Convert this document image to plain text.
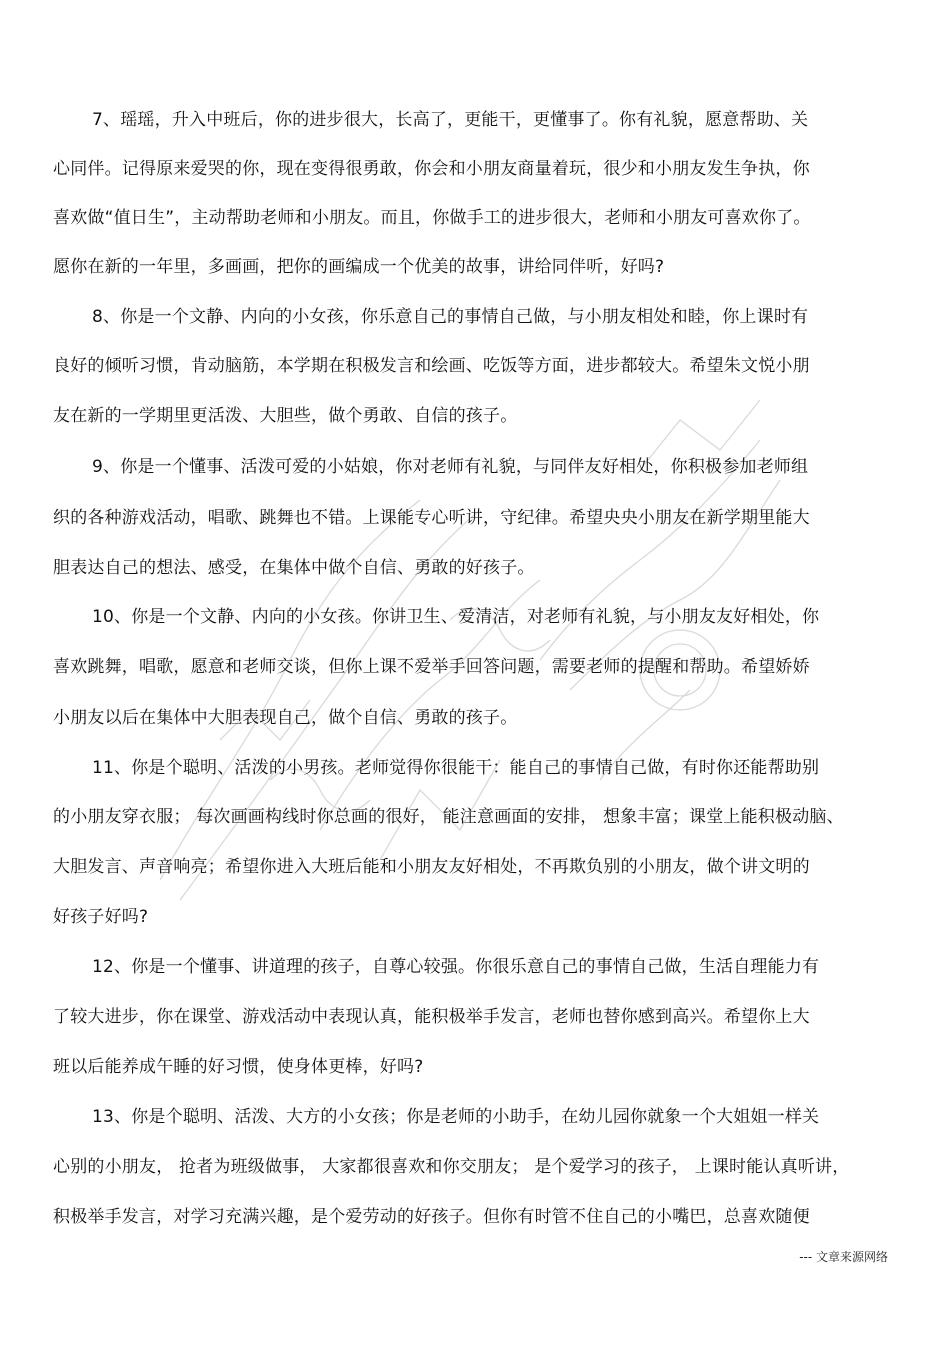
7、瑶瑶，升入中班后，你的进步很大，长高了，更能干，更懂事了。你有礼貌，愿意帮助、关
心同伴。记得原来爱哭的你，现在变得很勇敢，你会和小朋友商量着玩，很少和小朋友发生争执，你
喜欢做“值日生”，主动帮助老师和小朋友。而且，你做手工的进步很大，老师和小朋友可喜欢你了。
愿你在新的一年里，多画画，把你的画编成一个优美的故事，讲给同伴听，好吗?
8、你是一个文静、内向的小女孩，你乐意自己的事情自己做，与小朋友相处和睦，你上课时有
良好的倾听习惯，肯动脑筋，本学期在积极发言和绘画、吃饭等方面，进步都较大。希望朱文悦小朋
友在新的一学期里更活泼、大胆些，做个勇敢、自信的孩子。
9、你是一个懂事、活泼可爱的小姑娘，你对老师有礼貌，与同伴友好相处，你积极参加老师组
织的各种游戏活动，唱歌、跳舞也不错。上课能专心听讲，守纪律。希望央央小朋友在新学期里能大
胆表达自己的想法、感受，在集体中做个自信、勇敢的好孩子。
10、你是一个文静、内向的小女孩。你讲卫生、爱清洁，对老师有礼貌，与小朋友友好相处，你
喜欢跳舞，唱歌，愿意和老师交谈，但你上课不爱举手回答问题，需要老师的提醒和帮助。希望娇娇
小朋友以后在集体中大胆表现自己，做个自信、勇敢的孩子。
11、你是个聪明、活泼的小男孩。老师觉得你很能干：能自己的事情自己做，有时你还能帮助别
的小朋友穿衣服； 每次画画构线时你总画的很好， 能注意画面的安排， 想象丰富；课堂上能积极动脑、
大胆发言、声音响亮；希望你进入大班后能和小朋友友好相处，不再欺负别的小朋友，做个讲文明的
好孩子好吗?
12、你是一个懂事、讲道理的孩子，自尊心较强。你很乐意自己的事情自己做，生活自理能力有
了较大进步，你在课堂、游戏活动中表现认真，能积极举手发言，老师也替你感到高兴。希望你上大
班以后能养成午睡的好习惯，使身体更棒，好吗?
13、你是个聪明、活泼、大方的小女孩；你是老师的小助手，在幼儿园你就象一个大姐姐一样关
心别的小朋友， 抢者为班级做事， 大家都很喜欢和你交朋友； 是个爱学习的孩子， 上课时能认真听讲，
积极举手发言，对学习充满兴趣，是个爱劳动的好孩子。但你有时管不住自己的小嘴巴，总喜欢随便
--- 文章来源网络
